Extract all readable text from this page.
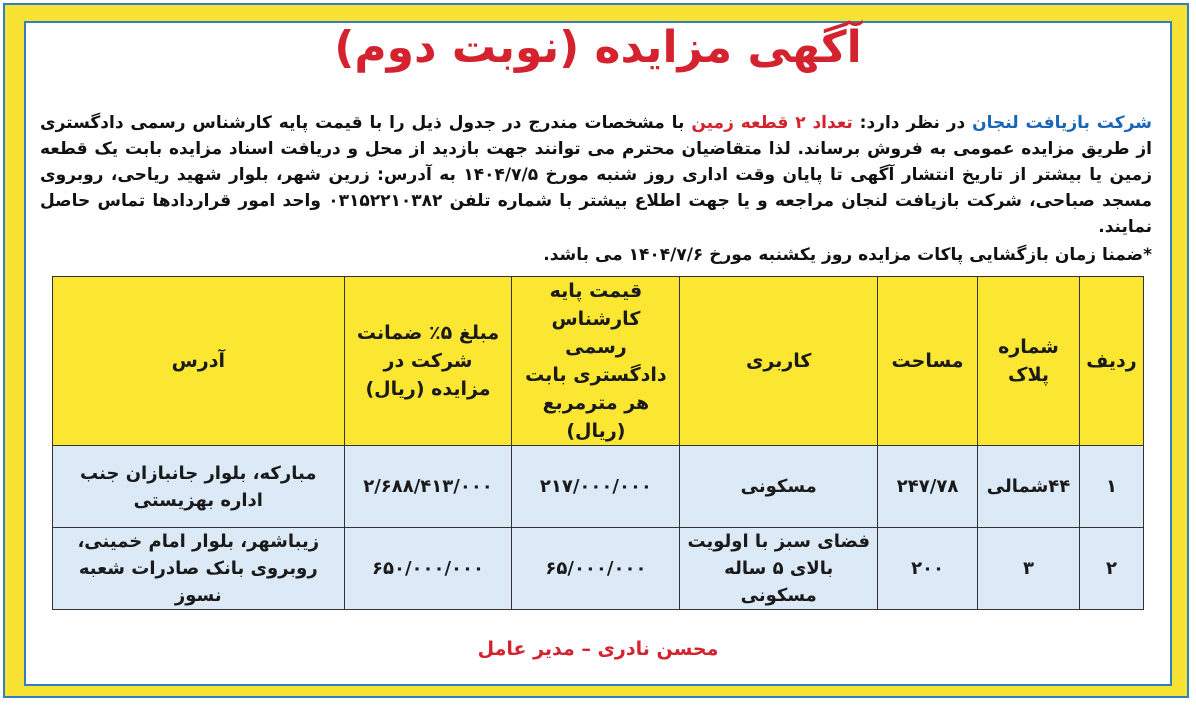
آگهی مزایده (نوبت دوم)
شرکت بازیافت لنجان در نظر دارد: تعداد ۲ قطعه زمین با مشخصات مندرج در جدول ذیل را با قیمت پایه کارشناس رسمی دادگستری از طریق مزایده عمومی به فروش برساند. لذا متقاضیان محترم می توانند جهت بازدید از محل و دریافت اسناد مزایده بابت یک قطعه زمین یا بیشتر از تاریخ انتشار آگهی تا پایان وقت اداری روز شنبه مورخ ۱۴۰۴/۷/۵ به آدرس: زرین شهر، بلوار شهید ریاحی، روبروی مسجد صباحی، شرکت بازیافت لنجان مراجعه و یا جهت اطلاع بیشتر با شماره تلفن ۰۳۱۵۲۲۱۰۳۸۲ واحد امور قراردادها تماس حاصل نمایند.
*ضمنا زمان بازگشایی پاکات مزایده روز یکشنبه مورخ ۱۴۰۴/۷/۶ می باشد.
ردیف	شماره پلاک	مساحت	کاربری	قیمت پایه کارشناس رسمی دادگستری بابت هر مترمربع (ریال)	مبلغ ۵٪ ضمانت شرکت در مزایده (ریال)	آدرس
۱	۴۴شمالی	۲۴۷/۷۸	مسکونی	۲۱۷/۰۰۰/۰۰۰	۲/۶۸۸/۴۱۳/۰۰۰	مبارکه، بلوار جانبازان جنب اداره بهزیستی
۲	۳	۲۰۰	فضای سبز با اولویت بالای ۵ ساله مسکونی	۶۵/۰۰۰/۰۰۰	۶۵۰/۰۰۰/۰۰۰	زیباشهر، بلوار امام خمینی، روبروی بانک صادرات شعبه نسوز
محسن نادری – مدیر عامل
